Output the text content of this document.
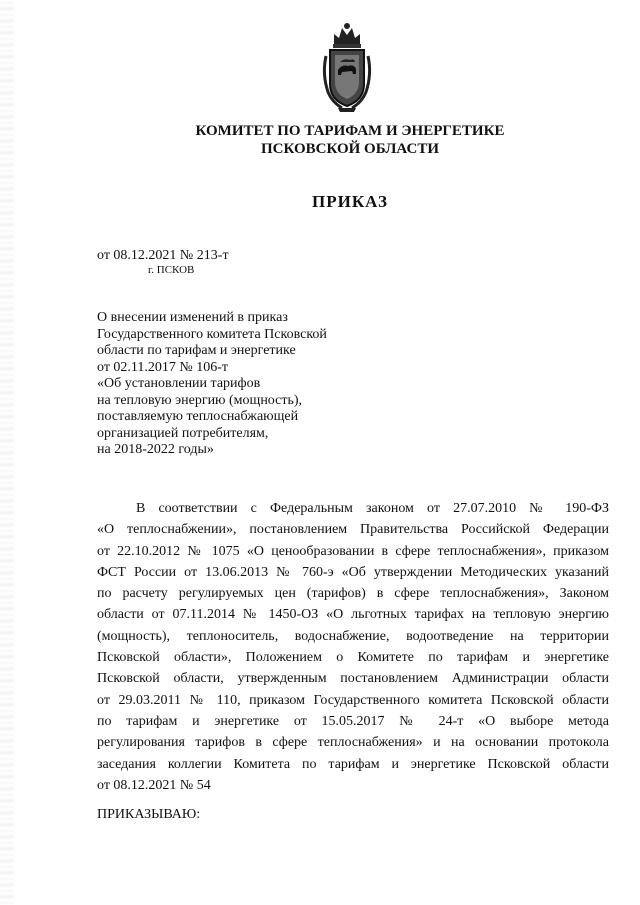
КОМИТЕТ ПО ТАРИФАМ И ЭНЕРГЕТИКЕ
ПСКОВСКОЙ ОБЛАСТИ
ПРИКАЗ
от 08.12.2021 № 213-т
г. ПСКОВ
О внесении изменений в приказ
Государственного комитета Псковской
области по тарифам и энергетике
от 02.11.2017 № 106-т
«Об установлении тарифов
на тепловую энергию (мощность),
поставляемую теплоснабжающей
организацией потребителям,
на 2018-2022 годы»
В соответствии с Федеральным законом от 27.07.2010 № 190-ФЗ
«О теплоснабжении», постановлением Правительства Российской Федерации
от 22.10.2012 № 1075 «О ценообразовании в сфере теплоснабжения», приказом
ФСТ России от 13.06.2013 № 760-э «Об утверждении Методических указаний
по расчету регулируемых цен (тарифов) в сфере теплоснабжения», Законом
области от 07.11.2014 № 1450-ОЗ «О льготных тарифах на тепловую энергию
(мощность), теплоноситель, водоснабжение, водоотведение на территории
Псковской области», Положением о Комитете по тарифам и энергетике
Псковской области, утвержденным постановлением Администрации области
от 29.03.2011 № 110, приказом Государственного комитета Псковской области
по тарифам и энергетике от 15.05.2017 № 24-т «О выборе метода
регулирования тарифов в сфере теплоснабжения» и на основании протокола
заседания коллегии Комитета по тарифам и энергетике Псковской области
от 08.12.2021 № 54
ПРИКАЗЫВАЮ:
